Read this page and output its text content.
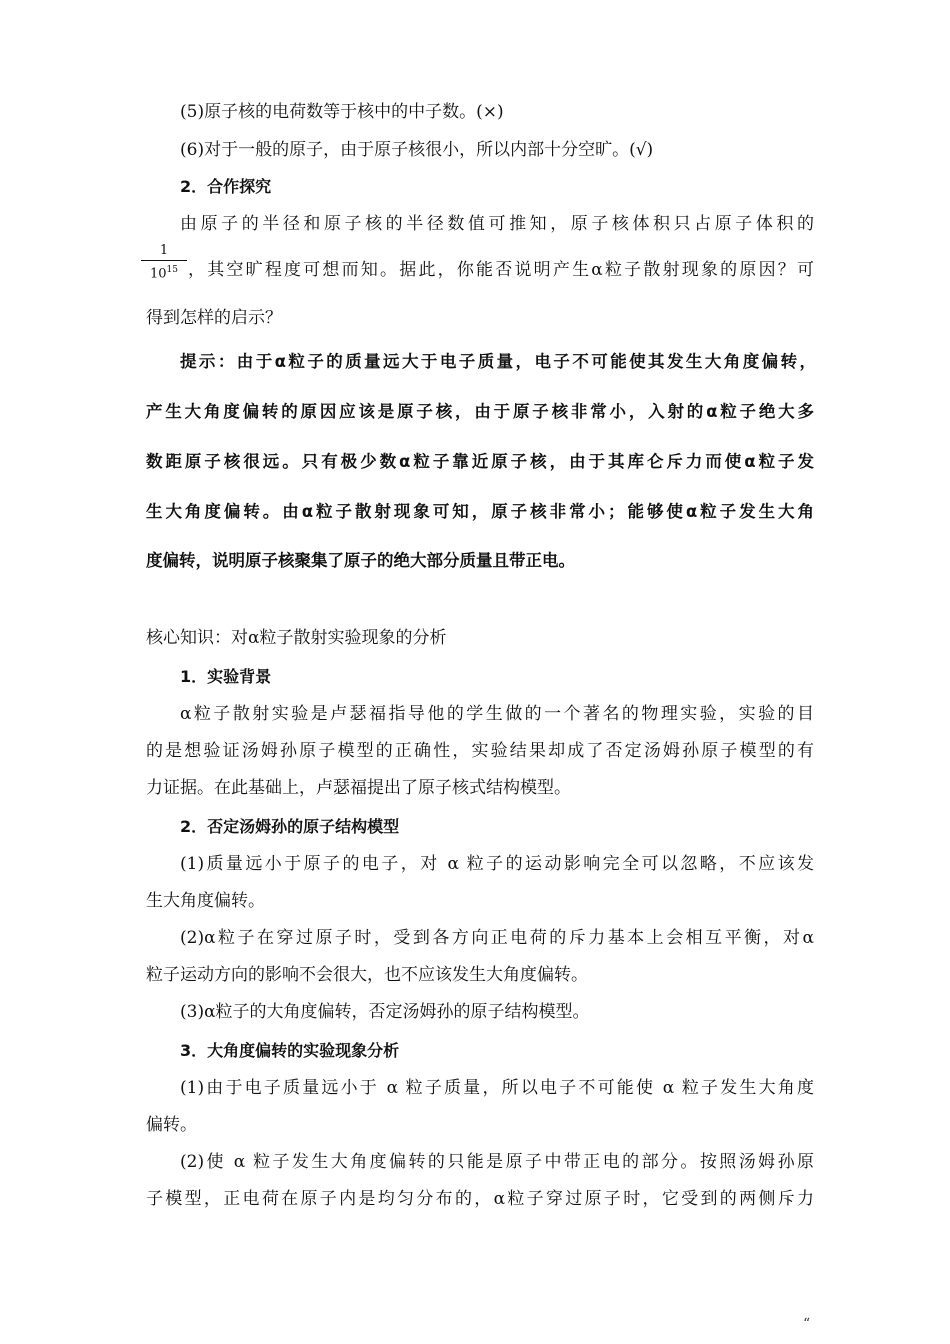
(5)原子核的电荷数等于核中的中子数。(×)
(6)对于一般的原子，由于原子核很小，所以内部十分空旷。(√)
2．合作探究
由原子的半径和原子核的半径数值可推知，原子核体积只占原子体积的
$\frac{1}{10^{15}}$ ，其空旷程度可想而知。据此，你能否说明产生α粒子散射现象的原因？可
得到怎样的启示？
提示：由于α粒子的质量远大于电子质量，电子不可能使其发生大角度偏转，
产生大角度偏转的原因应该是原子核，由于原子核非常小，入射的α粒子绝大多
数距原子核很远。只有极少数α粒子靠近原子核，由于其库仑斥力而使α粒子发
生大角度偏转。由α粒子散射现象可知，原子核非常小；能够使α粒子发生大角
度偏转，说明原子核聚集了原子的绝大部分质量且带正电。
核心知识：对α粒子散射实验现象的分析
1．实验背景
α粒子散射实验是卢瑟福指导他的学生做的一个著名的物理实验，实验的目
的是想验证汤姆孙原子模型的正确性，实验结果却成了否定汤姆孙原子模型的有
力证据。在此基础上，卢瑟福提出了原子核式结构模型。
2．否定汤姆孙的原子结构模型
(1)质量远小于原子的电子，对 α 粒子的运动影响完全可以忽略，不应该发
生大角度偏转。
(2)α粒子在穿过原子时，受到各方向正电荷的斥力基本上会相互平衡，对α
粒子运动方向的影响不会很大，也不应该发生大角度偏转。
(3)α粒子的大角度偏转，否定汤姆孙的原子结构模型。
3．大角度偏转的实验现象分析
(1)由于电子质量远小于 α 粒子质量，所以电子不可能使 α 粒子发生大角度
偏转。
(2)使 α 粒子发生大角度偏转的只能是原子中带正电的部分。按照汤姆孙原
子模型，正电荷在原子内是均匀分布的，α粒子穿过原子时，它受到的两侧斥力
“
